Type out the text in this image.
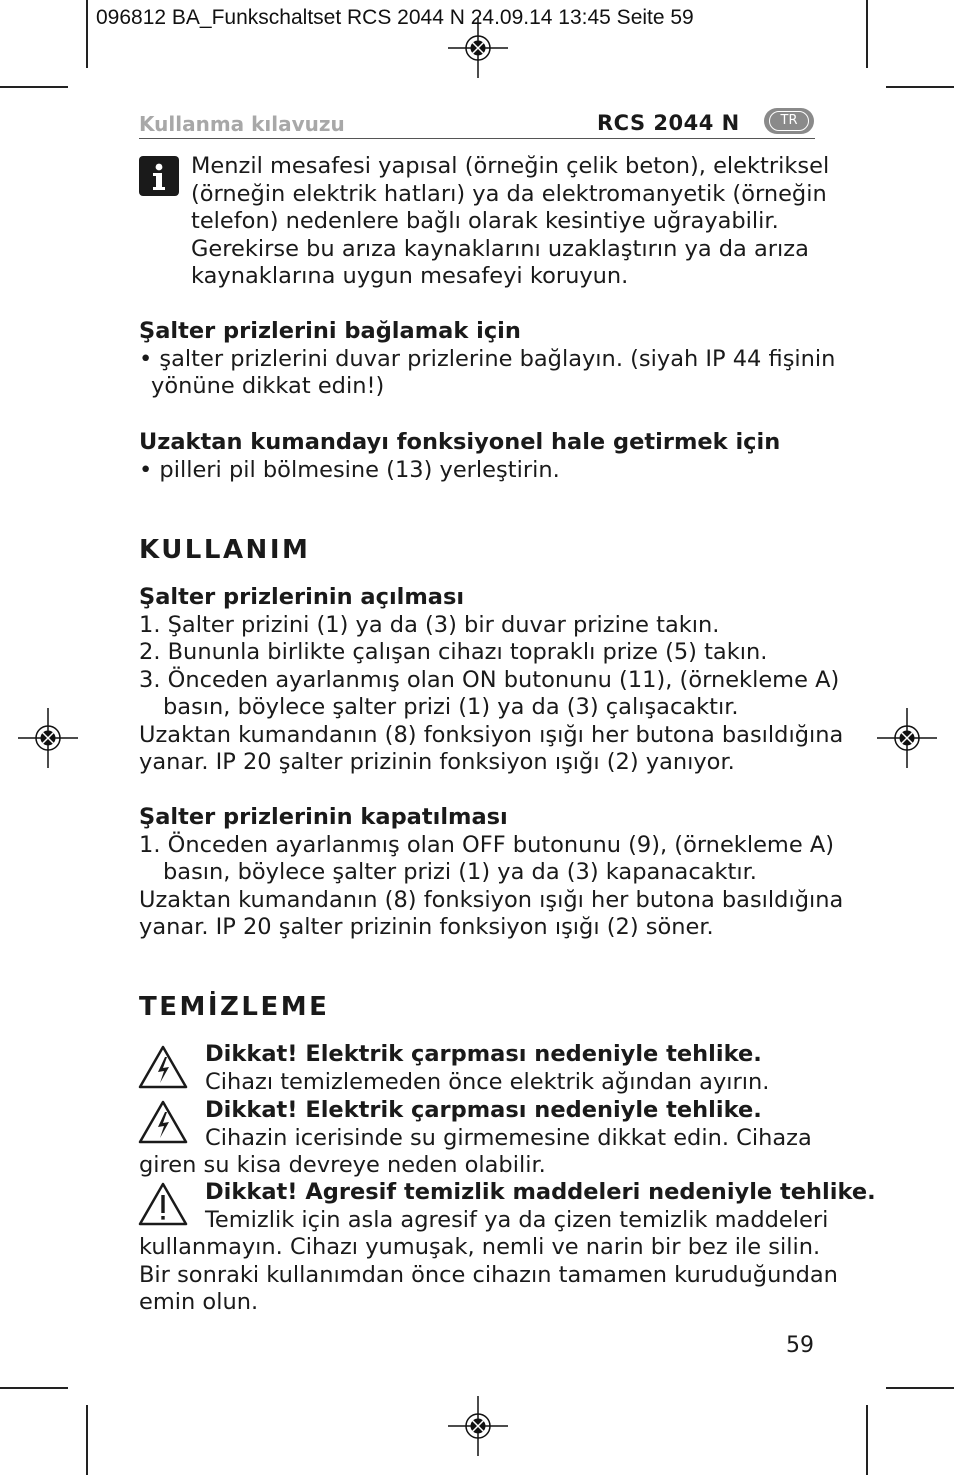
096812 BA_Funkschaltset RCS 2044 N 24.09.14 13:45 Seite 59
Kullanma kılavuzu	RCS 2044 N	TR
Menzil mesafesi yapısal (örneğin çelik beton), elektriksel
(örneğin elektrik hatları) ya da elektromanyetik (örneğin
telefon) nedenlere bağlı olarak kesintiye uğrayabilir.
Gerekirse bu arıza kaynaklarını uzaklaştırın ya da arıza
kaynaklarına uygun mesafeyi koruyun.
Şalter prizlerini bağlamak için
• şalter prizlerini duvar prizlerine bağlayın. (siyah IP 44 fişinin
yönüne dikkat edin!)
Uzaktan kumandayı fonksiyonel hale getirmek için
• pilleri pil bölmesine (13) yerleştirin.
KULLANIM
Şalter prizlerinin açılması
1. Şalter prizini (1) ya da (3) bir duvar prizine takın.
2. Bununla birlikte çalışan cihazı topraklı prize (5) takın.
3. Önceden ayarlanmış olan ON butonunu (11), (örnekleme A)
basın, böylece şalter prizi (1) ya da (3) çalışacaktır.
Uzaktan kumandanın (8) fonksiyon ışığı her butona basıldığına
yanar. IP 20 şalter prizinin fonksiyon ışığı (2) yanıyor.
Şalter prizlerinin kapatılması
1. Önceden ayarlanmış olan OFF butonunu (9), (örnekleme A)
basın, böylece şalter prizi (1) ya da (3) kapanacaktır.
Uzaktan kumandanın (8) fonksiyon ışığı her butona basıldığına
yanar. IP 20 şalter prizinin fonksiyon ışığı (2) söner.
TEMİZLEME
Dikkat! Elektrik çarpması nedeniyle tehlike.
Cihazı temizlemeden önce elektrik ağından ayırın.
Dikkat! Elektrik çarpması nedeniyle tehlike.
Cihazin icerisinde su girmemesine dikkat edin. Cihaza
giren su kisa devreye neden olabilir.
Dikkat! Agresif temizlik maddeleri nedeniyle tehlike.
Temizlik için asla agresif ya da çizen temizlik maddeleri
kullanmayın. Cihazı yumuşak, nemli ve narin bir bez ile silin.
Bir sonraki kullanımdan önce cihazın tamamen kuruduğundan
emin olun.
59
